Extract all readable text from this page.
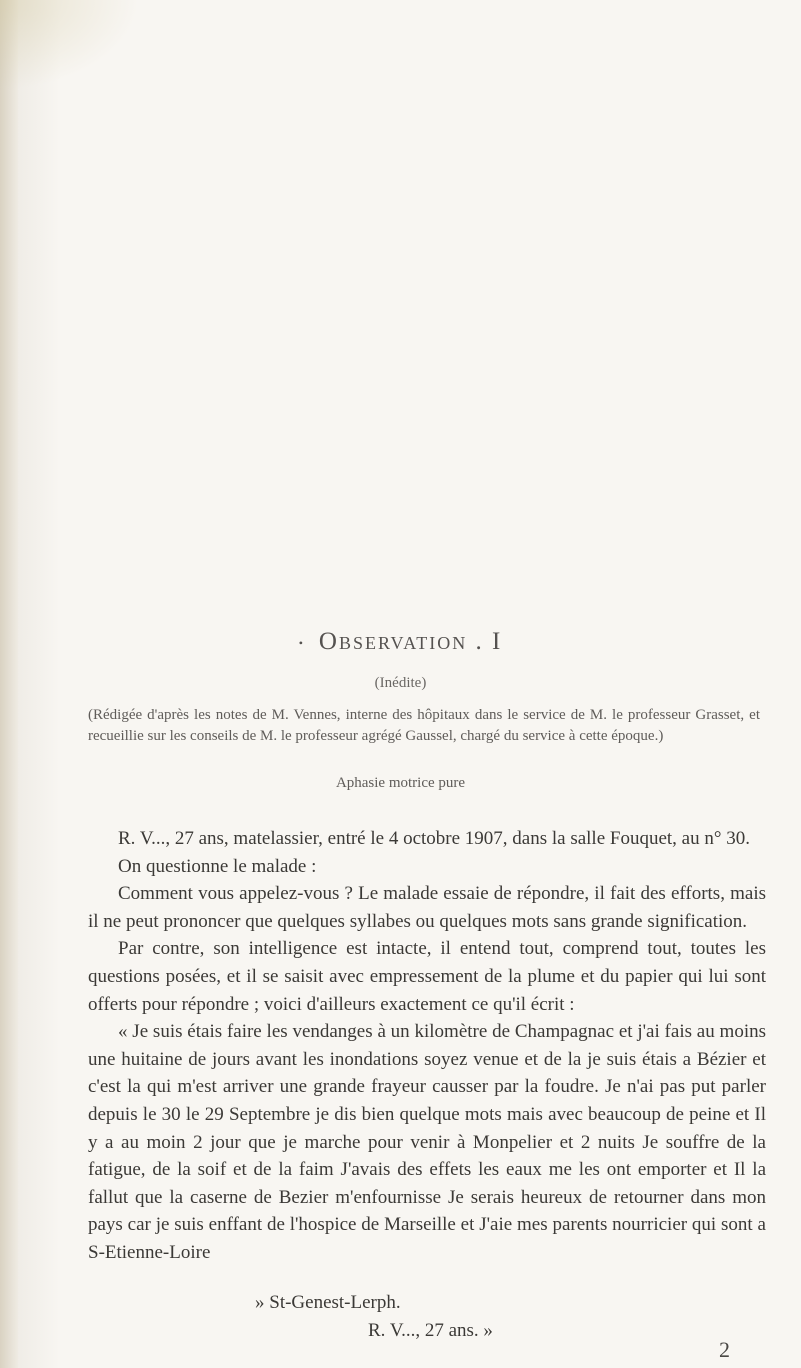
• Observation . I
(Inédite)
(Rédigée d'après les notes de M. Vennes, interne des hôpitaux dans le service de M. le professeur Grasset, et recueillie sur les conseils de M. le professeur agrégé Gaussel, chargé du service à cette époque.)
Aphasie motrice pure

R. V..., 27 ans, matelassier, entré le 4 octobre 1907, dans la salle Fouquet, au n° 30.

On questionne le malade :

Comment vous appelez-vous ? Le malade essaie de répondre, il fait des efforts, mais il ne peut prononcer que quelques syllabes ou quelques mots sans grande signification.

Par contre, son intelligence est intacte, il entend tout, comprend tout, toutes les questions posées, et il se saisit avec empressement de la plume et du papier qui lui sont offerts pour répondre ; voici d'ailleurs exactement ce qu'il écrit :

« Je suis étais faire les vendanges à un kilomètre de Champagnac et j'ai fais au moins une huitaine de jours avant les inondations soyez venue et de la je suis étais a Bézier et c'est la qui m'est arriver une grande frayeur causser par la foudre. Je n'ai pas put parler depuis le 30 le 29 Septembre je dis bien quelque mots mais avec beaucoup de peine et Il y a au moin 2 jour que je marche pour venir à Monpelier et 2 nuits Je souffre de la fatigue, de la soif et de la faim J'avais des effets les eaux me les ont emporter et Il la fallut que la caserne de Bezier m'enfournisse Je serais heureux de retourner dans mon pays car je suis enffant de l'hospice de Marseille et J'aie mes parents nourricier qui sont a S-Etienne-Loire

» St-Genest-Lerph.
R. V..., 27 ans. »
2
